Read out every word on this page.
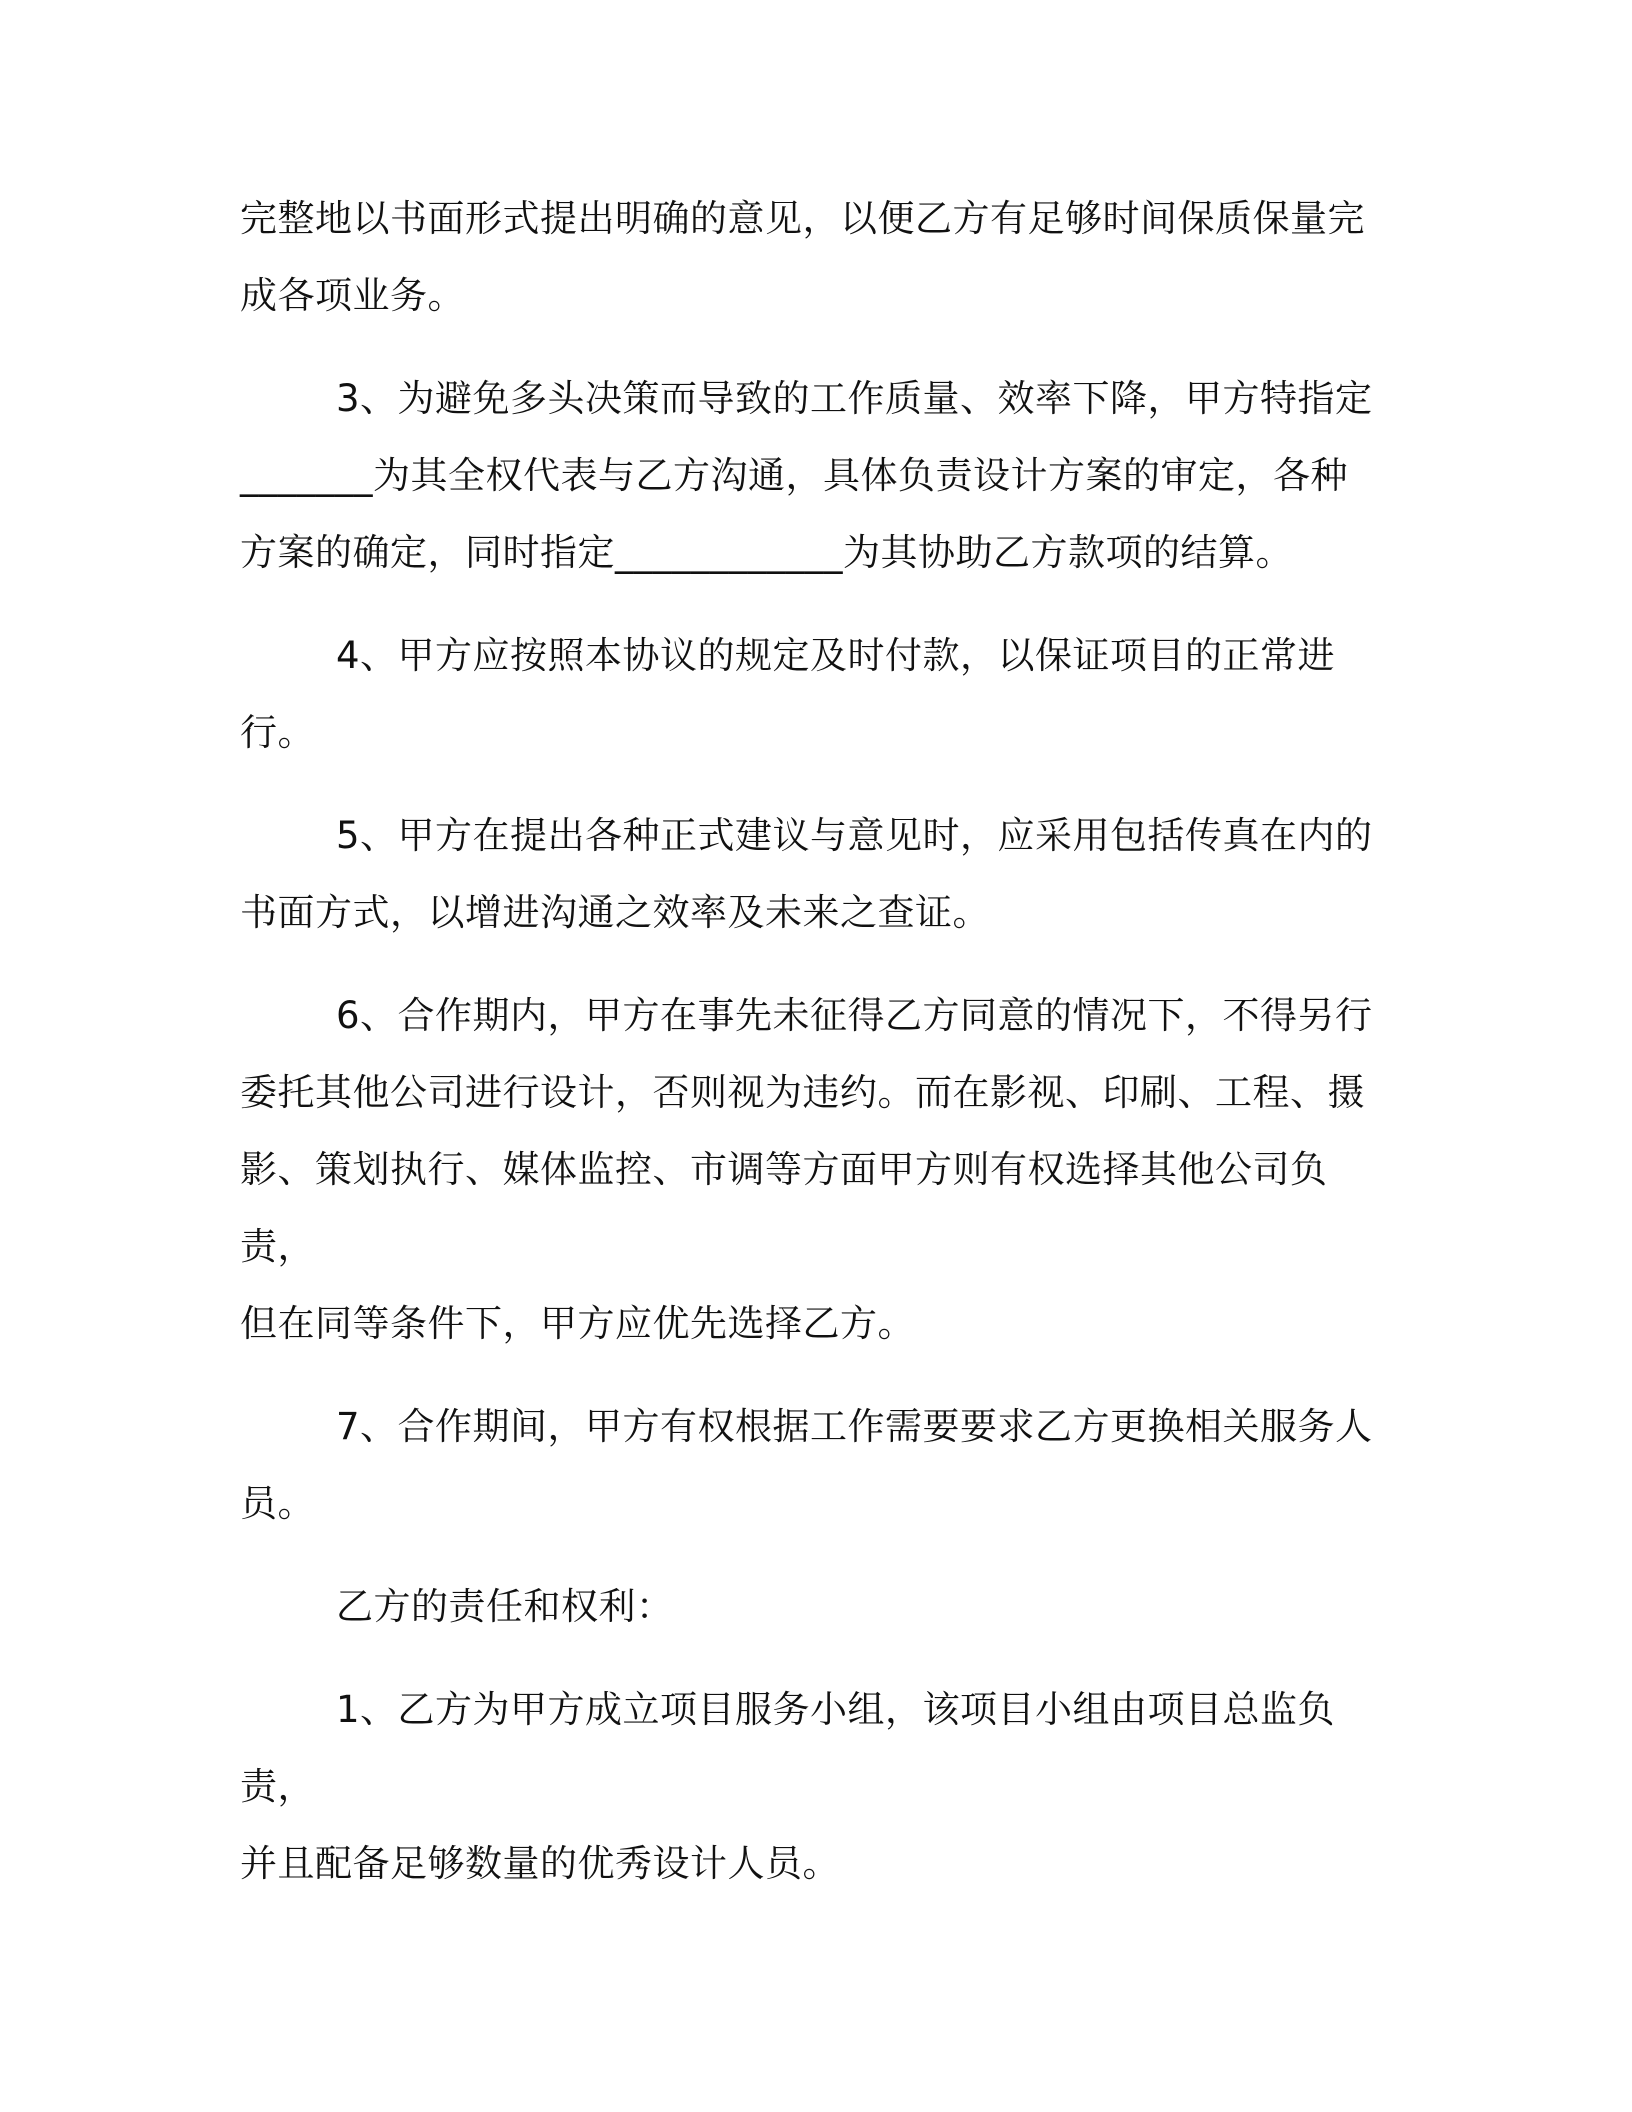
完整地以书面形式提出明确的意见，以便乙方有足够时间保质保量完
成各项业务。
3、为避免多头决策而导致的工作质量、效率下降，甲方特指定
_______为其全权代表与乙方沟通，具体负责设计方案的审定，各种
方案的确定，同时指定____________为其协助乙方款项的结算。
4、甲方应按照本协议的规定及时付款，以保证项目的正常进行。
5、甲方在提出各种正式建议与意见时，应采用包括传真在内的
书面方式，以增进沟通之效率及未来之查证。
6、合作期内，甲方在事先未征得乙方同意的情况下，不得另行
委托其他公司进行设计，否则视为违约。而在影视、印刷、工程、摄
影、策划执行、媒体监控、市调等方面甲方则有权选择其他公司负责，
但在同等条件下，甲方应优先选择乙方。
7、合作期间，甲方有权根据工作需要要求乙方更换相关服务人
员。
乙方的责任和权利：
1、乙方为甲方成立项目服务小组，该项目小组由项目总监负责，
并且配备足够数量的优秀设计人员。
